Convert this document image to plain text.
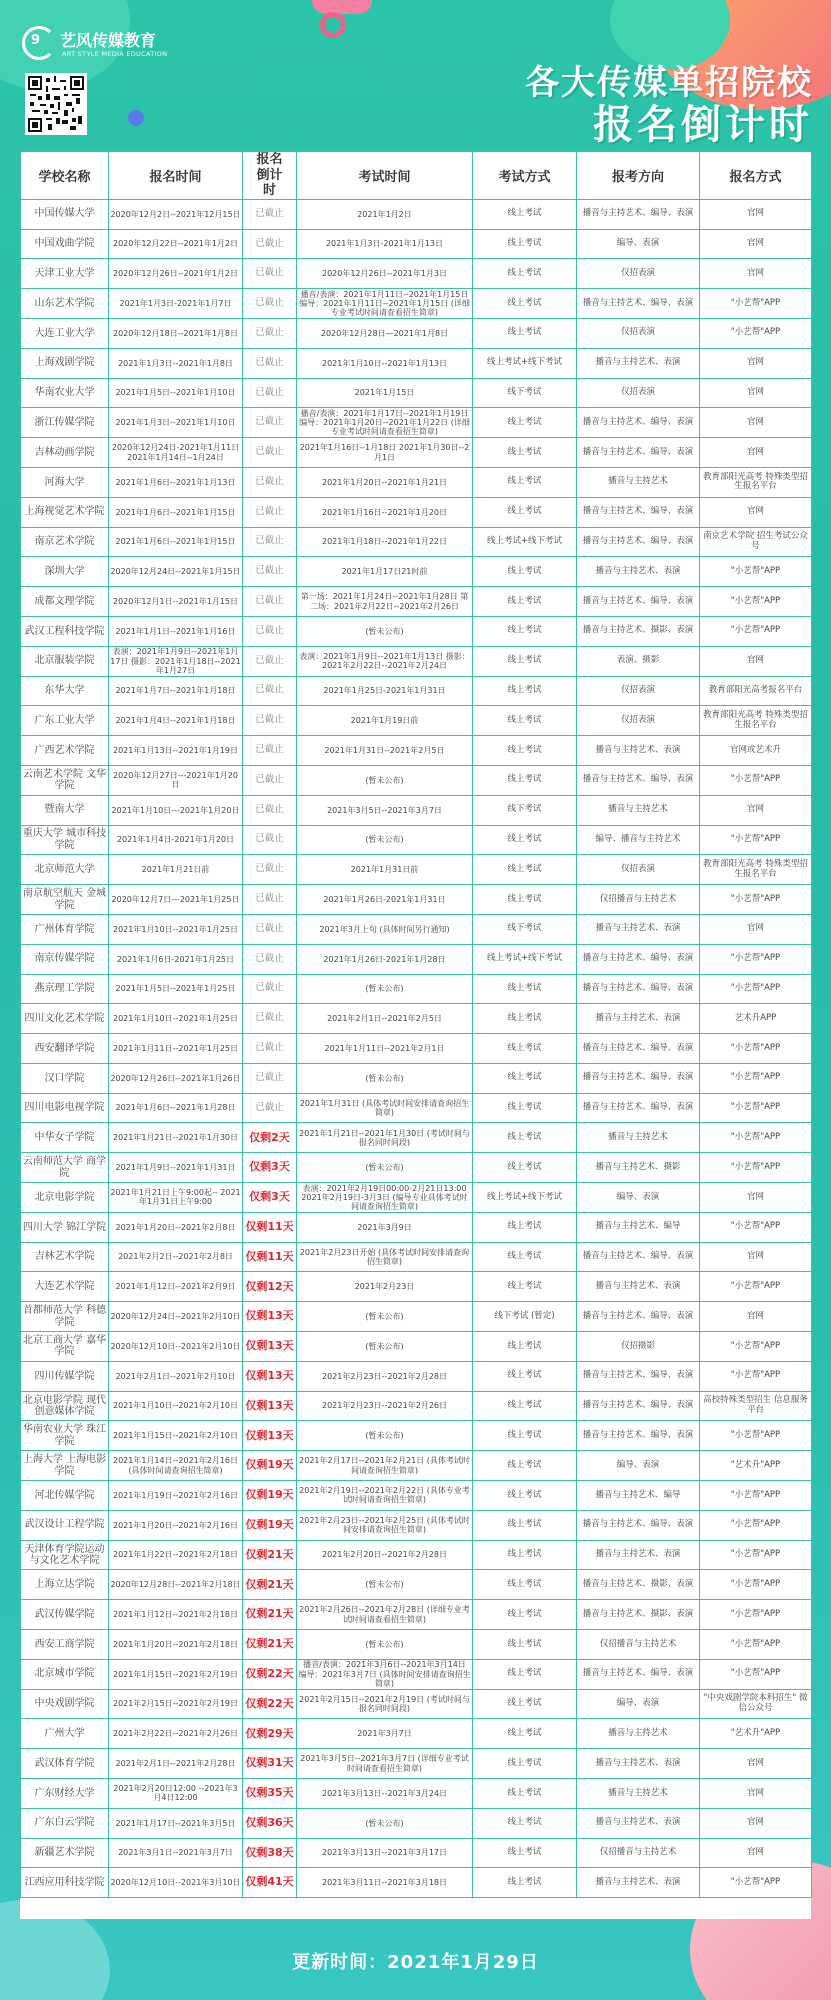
9 艺风传媒教育
ART STYLE MEDIA EDUCATION
各大传媒单招院校
报名倒计时
学校名称	报名时间	报名倒计时	考试时间	考试方式	报考方向	报名方式
中国传媒大学	2020年12月2日--2021年12月15日	已截止	2021年1月2日	线上考试	播音与主持艺术、编导、表演	官网
中国戏曲学院	2020年12月22日--2021年1月2日	已截止	2021年1月3日-2021年1月13日	线上考试	编导、表演	官网
天津工业大学	2020年12月26日--2021年1月2日	已截止	2020年12月26日--2021年1月3日	线上考试	仅招表演	官网
山东艺术学院	2021年1月3日-2021年1月7日	已截止	播音/表演：2021年1月11日--2021年1月15日 编导：2021年1月11日--2021年1月15日 (详细专业考试时间请查看招生简章)	线上考试	播音与主持艺术、编导、表演	"小艺帮"APP
大连工业大学	2020年12月18日--2021年1月8日	已截止	2020年12月28日—2021年1月8日	线上考试	仅招表演	"小艺帮"APP
上海戏剧学院	2021年1月3日--2021年1月8日	已截止	2021年1月10日--2021年1月13日	线上考试+线下考试	播音与主持艺术、表演	官网
华南农业大学	2021年1月5日--2021年1月10日	已截止	2021年1月15日	线下考试	仅招表演	官网
浙江传媒学院	2021年1月3日--2021年1月10日	已截止	播音/表演：2021年1月17日--2021年1月19日 编导：2021年1月20日--2021年1月22日 (详细专业考试时间请查看招生简章)	线上考试	播音与主持艺术、编导、表演	官网
吉林动画学院	2020年12月24日-2021年1月11日 2021年1月14日--1月24日	已截止	2021年1月16日--1月18日 2021年1月30日--2月1日	线上考试	播音与主持艺术、编导、表演	官网
河海大学	2021年1月6日--2021年1月13日	已截止	2021年1月20日--2021年1月21日	线上考试	播音与主持艺术	教育部阳光高考 特殊类型招生报名平台
上海视觉艺术学院	2021年1月6日--2021年1月15日	已截止	2021年1月16日--2021年1月20日	线上考试	播音与主持艺术、编导、表演	官网
南京艺术学院	2021年1月6日--2021年1月15日	已截止	2021年1月18日--2021年1月22日	线上考试+线下考试	播音与主持艺术、编导、表演	南京艺术学院 招生考试公众号
深圳大学	2020年12月24日--2021年1月15日	已截止	2021年1月17日21时前	线上考试	播音与主持艺术、表演	"小艺帮"APP
成都文理学院	2020年12月1日--2021年1月15日	已截止	第一场：2021年1月24日--2021年1月28日 第二场：2021年2月22日--2021年2月26日	线上考试	播音与主持艺术、编导、表演	"小艺帮"APP
武汉工程科技学院	2021年1月1日--2021年1月16日	已截止	(暂未公布)	线上考试	播音与主持艺术、摄影、表演	"小艺帮"APP
北京服装学院	表演：2021年1月9日--2021年1月17日 摄影：2021年1月18日--2021年1月27日	已截止	表演：2021年1月9日--2021年1月13日 摄影：2021年2月22日--2021年2月24日	线上考试	表演、摄影	官网
东华大学	2021年1月7日--2021年1月18日	已截止	2021年1月25日-2021年1月31日	线上考试	仅招表演	教育部阳光高考报名平台
广东工业大学	2021年1月4日--2021年1月18日	已截止	2021年1月19日前	线上考试	仅招表演	教育部阳光高考 特殊类型招生报名平台
广西艺术学院	2021年1月13日--2021年1月19日	已截止	2021年1月31日--2021年2月5日	线上考试	播音与主持艺术、表演	官网或艺术升
云南艺术学院 文华学院	2020年12月27日---2021年1月20日	已截止	(暂未公布)	线上考试	播音与主持艺术、编导、表演	"小艺帮"APP
暨南大学	2021年1月10日---2021年1月20日	已截止	2021年3月5日--2021年3月7日	线下考试	播音与主持艺术	官网
重庆大学 城市科技学院	2021年1月4日-2021年1月20日	已截止	(暂未公布)	线上考试	编导、播音与主持艺术	"小艺帮"APP
北京师范大学	2021年1月21日前	已截止	2021年1月31日前	线上考试	仅招表演	教育部阳光高考 特殊类型招生报名平台
南京航空航天 金城学院	2020年12月7日---2021年1月25日	已截止	2021年1月26日-2021年1月31日	线上考试	仅招播音与主持艺术	"小艺帮"APP
广州体育学院	2021年1月10日--2021年1月25日	已截止	2021年3月上旬 (具体时间另行通知)	线下考试	播音与主持艺术、表演	官网
南京传媒学院	2021年1月6日-2021年1月25日	已截止	2021年1月26日-2021年1月28日	线上考试+线下考试	播音与主持艺术、编导、表演	"小艺帮"APP
燕京理工学院	2021年1月5日--2021年1月25日	已截止	(暂未公布)	线上考试	播音与主持艺术、编导、表演	"小艺帮"APP
四川文化艺术学院	2021年1月10日--2021年1月25日	已截止	2021年2月1日--2021年2月5日	线上考试	播音与主持艺术、表演	艺术升APP
西安翻译学院	2021年1月11日--2021年1月25日	已截止	2021年1月11日--2021年2月1日	线上考试	播音与主持艺术、编导、表演	"小艺帮"APP
汉口学院	2020年12月26日--2021年1月26日	已截止	(暂未公布)	线上考试	播音与主持艺术、编导、表演	"小艺帮"APP
四川电影电视学院	2021年1月6日--2021年1月28日	已截止	2021年1月31日 (具体考试时间安排请查询招生简章)	线上考试	播音与主持艺术、编导、表演	"小艺帮"APP
中华女子学院	2021年1月21日--2021年1月30日	仅剩2天	2021年1月21日--2021年1月30日 (考试时间与报名同时间段)	线上考试	播音与主持艺术	"小艺帮"APP
云南师范大学 商学院	2021年1月9日--2021年1月31日	仅剩3天	(暂未公布)	线上考试	播音与主持艺术、摄影	"小艺帮"APP
北京电影学院	2021年1月21日上午9:00起-- 2021年1月31日上午9:00	仅剩3天	表演：2021年2月19日00:00-2月21日13:00 2021年2月19日-3月3日 (编导专业具体考试时间请查询招生简章)	线上考试+线下考试	编导、表演	官网
四川大学 锦江学院	2021年1月20日--2021年2月8日	仅剩11天	2021年3月9日	线上考试	播音与主持艺术、编导	"小艺帮"APP
吉林艺术学院	2021年2月2日--2021年2月8日	仅剩11天	2021年2月23日开始 (具体考试时间安排请查询招生简章)	线上考试	播音与主持艺术、编导、表演	官网
大连艺术学院	2021年1月12日--2021年2月9日	仅剩12天	2021年2月23日	线上考试	播音与主持艺术、表演	"小艺帮"APP
首都师范大学 科德学院	2020年12月24日--2021年2月10日	仅剩13天	(暂未公布)	线下考试 (暂定)	播音与主持艺术、编导、表演	官网
北京工商大学 嘉华学院	2020年12月10日--2021年2月10日	仅剩13天	(暂未公布)	线上考试	仅招摄影	"小艺帮"APP
四川传媒学院	2021年2月1日--2021年2月10日	仅剩13天	2021年2月23日--2021年2月28日	线上考试	播音与主持艺术、编导、表演	"小艺帮"APP
北京电影学院 现代创意媒体学院	2021年1月10日--2021年2月10日	仅剩13天	2021年2月23日--2021年2月26日	线上考试	播音与主持艺术、编导、表演	高校特殊类型招生 信息服务平台
华南农业大学 珠江学院	2021年1月15日--2021年2月10日	仅剩13天	(暂未公布)	线上考试	播音与主持艺术、编导、表演	"小艺帮"APP
上海大学 上海电影学院	2021年1月14日--2021年2月16日 (具体时间请查询招生简章)	仅剩19天	2021年2月17日--2021年2月21日 (具体考试时间请查询招生简章)	线上考试	编导、表演	"艺术升"APP
河北传媒学院	2021年1月19日--2021年2月16日	仅剩19天	2021年2月19日--2021年2月22日 (具体专业考试时间请查询招生简章)	线上考试	播音与主持艺术、编导	"小艺帮"APP
武汉设计工程学院	2021年1月20日--2021年2月16日	仅剩19天	2021年2月23日--2021年2月25日 (具体考试时间安排请查询招生简章)	线上考试	播音与主持艺术、编导、表演	"小艺帮"APP
天津体育学院运动 与文化艺术学院	2021年1月22日--2021年2月18日	仅剩21天	2021年2月20日--2021年2月28日	线上考试	播音与主持艺术、表演	"小艺帮"APP
上海立达学院	2020年12月28日--2021年2月18日	仅剩21天	(暂未公布)	线上考试	播音与主持艺术、摄影、表演	"小艺帮"APP
武汉传媒学院	2021年1月12日--2021年2月18日	仅剩21天	2021年2月26日--2021年2月28日 (详细专业考试时间请查看招生简章)	线上考试	播音与主持艺术、摄影、表演	"小艺帮"APP
西安工商学院	2021年1月20日--2021年2月18日	仅剩21天	(暂未公布)	线上考试	仅招播音与主持艺术	"小艺帮"APP
北京城市学院	2021年1月15日--2021年2月19日	仅剩22天	播音/表演：2021年3月6日--2021年3月14日 编导：2021年3月7日 (具体时间安排请查询招生简章)	线上考试	播音与主持艺术、编导、表演	"小艺帮"APP
中央戏剧学院	2021年2月15日--2021年2月19日	仅剩22天	2021年2月15日--2021年2月19日 (考试时间与报名同时间段)	线上考试	编导、表演	"中央戏剧学院本科招生" 微信公众号
广州大学	2021年2月22日--2021年2月26日	仅剩29天	2021年3月7日	线上考试	播音与主持艺术	"艺术升"APP
武汉体育学院	2021年2月1日--2021年2月28日	仅剩31天	2021年3月5日--2021年3月7日 (详细专业考试时间请查看招生简章)	线上考试	播音与主持艺术、表演	官网
广东财经大学	2021年2月20日12:00 --2021年3月4日12:00	仅剩35天	2021年3月13日--2021年3月24日	线上考试	播音与主持艺术	官网
广东白云学院	2021年1月17日--2021年3月5日	仅剩36天	(暂未公布)	线上考试	播音与主持艺术、表演	官网
新疆艺术学院	2021年3月1日--2021年3月7日	仅剩38天	2021年3月13日--2021年3月17日	线上考试	仅招播音与主持艺术	官网
江西应用科技学院	2020年12月10日--2021年3月10日	仅剩41天	2021年3月11日--2021年3月18日	线上考试	播音与主持艺术、表演	"小艺帮"APP
更新时间：2021年1月29日
